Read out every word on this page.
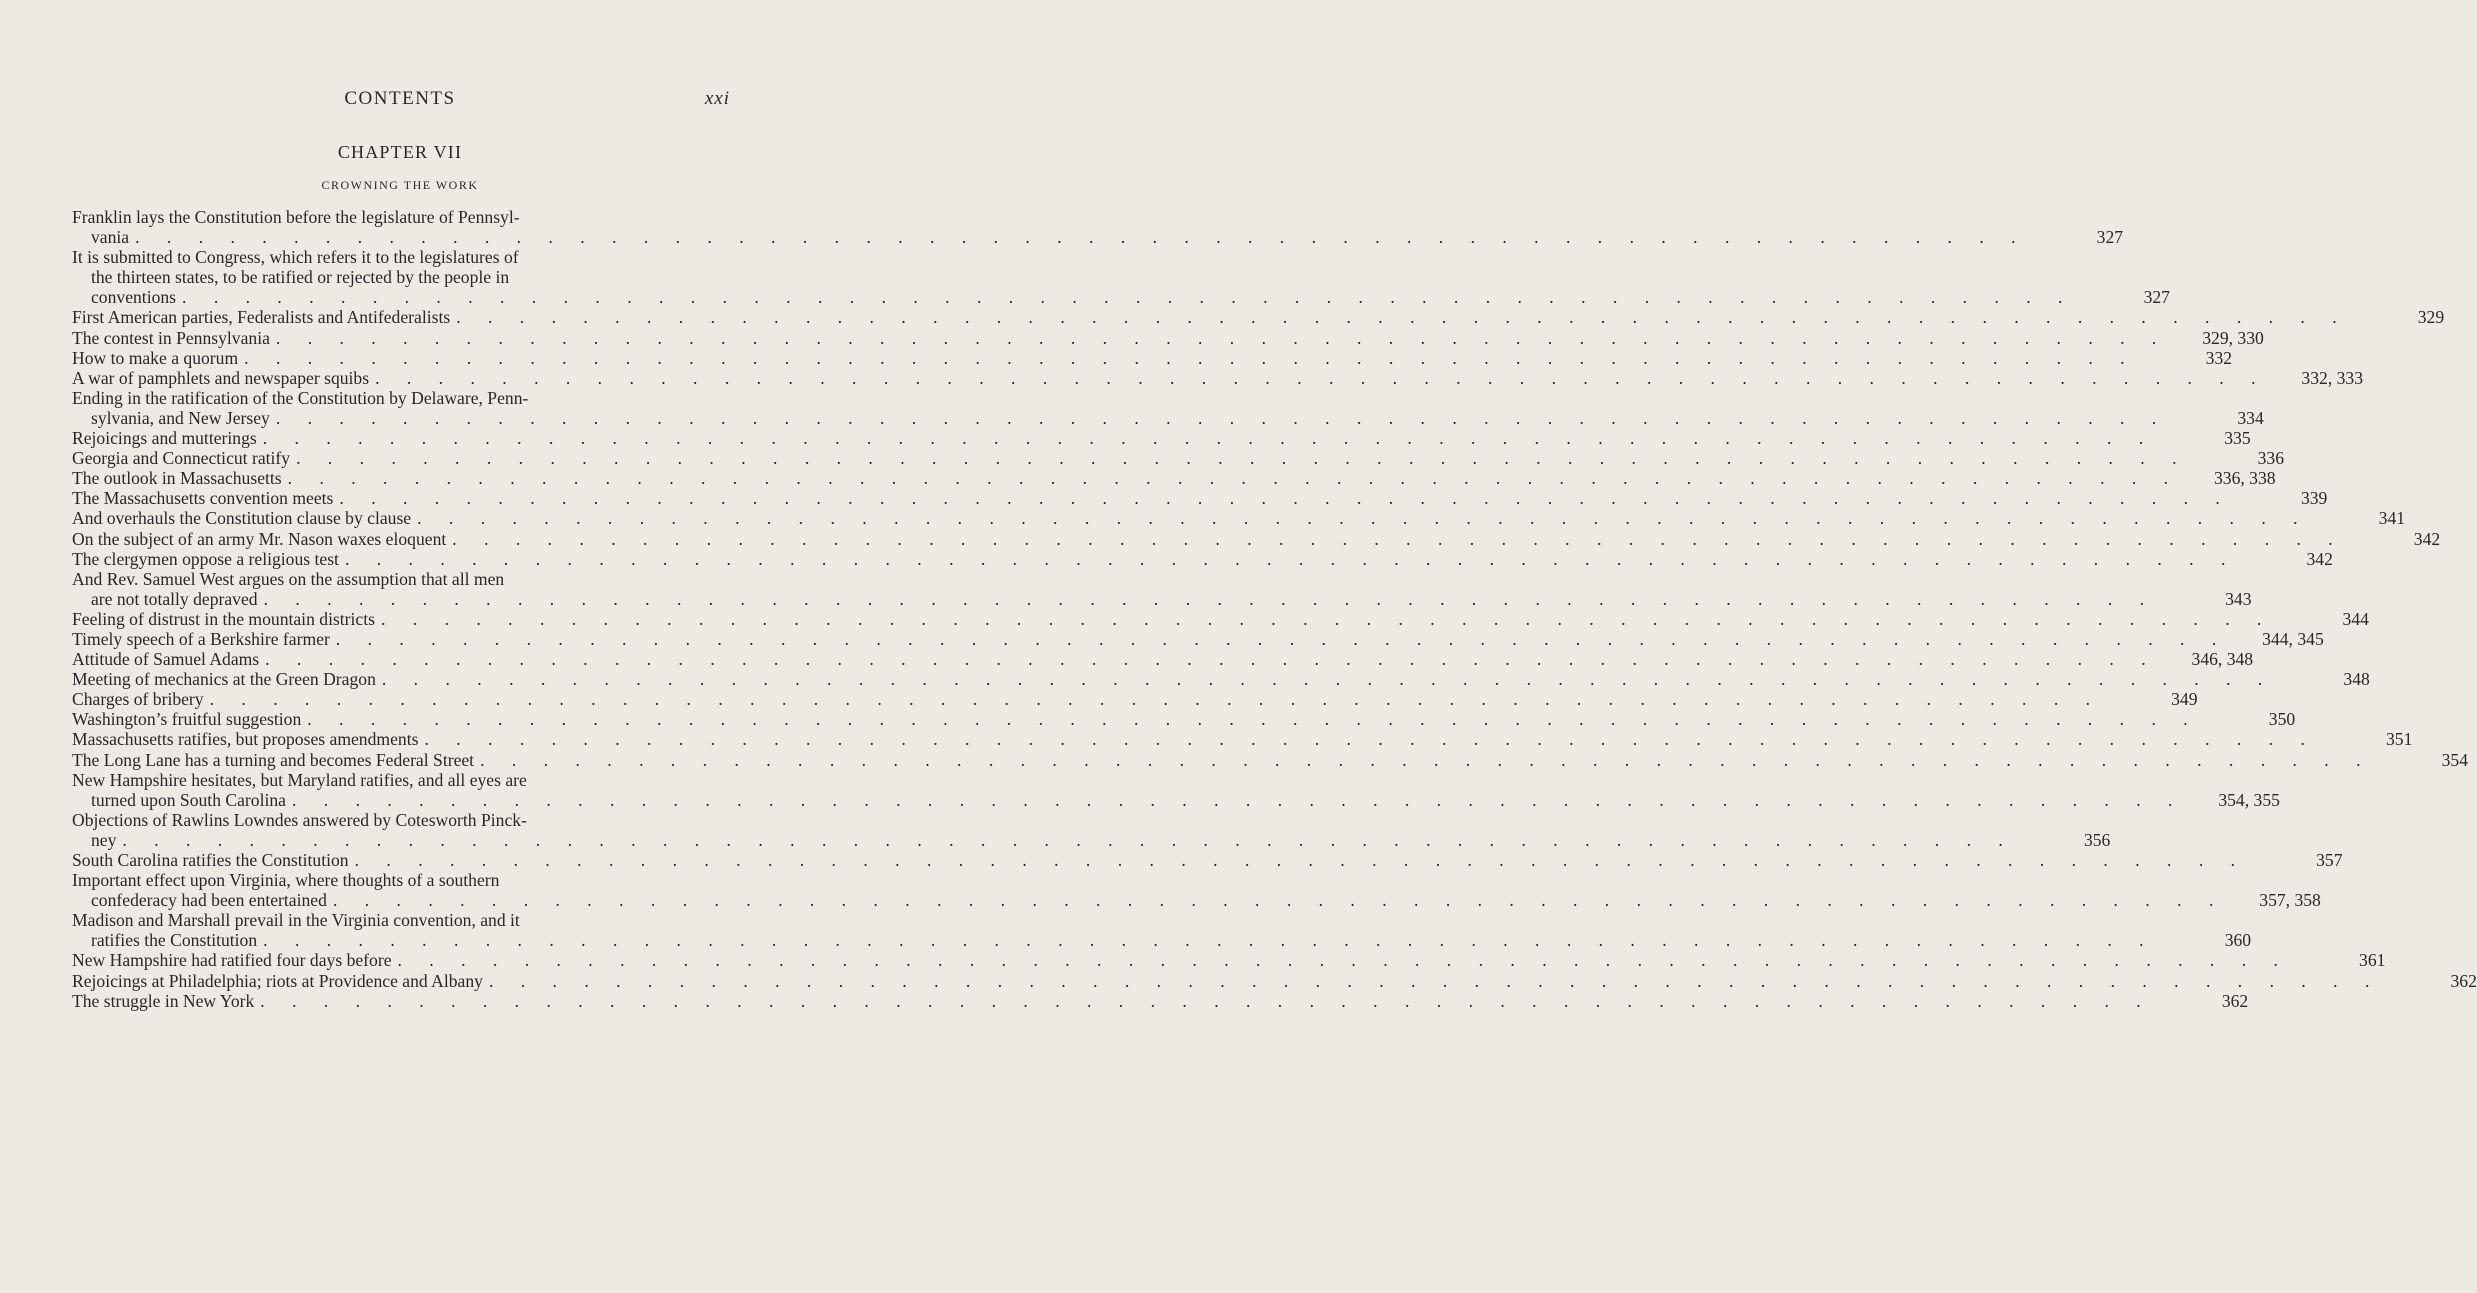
CONTENTS	xxi
CHAPTER VII
CROWNING THE WORK
Franklin lays the Constitution before the legislature of Pennsyl-
vania . . . . . . . . . . . . . . . . . . . . . . . . . . . . . . . . . . . . . . . . . . . . . . . . . . . . . . . . . . . .	327
It is submitted to Congress, which refers it to the legislatures of
the thirteen states, to be ratified or rejected by the people in
conventions . . . . . . . . . . . . . . . . . . . . . . . . . . . . . . . . . . . . . . . . . . . . . . . . . . . . . . . . . . . .	327
First American parties, Federalists and Antifederalists . . . . . . . . . . . . . . . . . . . . . . . . . . . . . . . . . . . . . . . . . . . . . . . . . . . . . . . . . . . .	329
The contest in Pennsylvania . . . . . . . . . . . . . . . . . . . . . . . . . . . . . . . . . . . . . . . . . . . . . . . . . . . . . . . . . . . .	329, 330
How to make a quorum . . . . . . . . . . . . . . . . . . . . . . . . . . . . . . . . . . . . . . . . . . . . . . . . . . . . . . . . . . . .	332
A war of pamphlets and newspaper squibs . . . . . . . . . . . . . . . . . . . . . . . . . . . . . . . . . . . . . . . . . . . . . . . . . . . . . . . . . . . .	332, 333
Ending in the ratification of the Constitution by Delaware, Penn-
sylvania, and New Jersey . . . . . . . . . . . . . . . . . . . . . . . . . . . . . . . . . . . . . . . . . . . . . . . . . . . . . . . . . . . .	334
Rejoicings and mutterings . . . . . . . . . . . . . . . . . . . . . . . . . . . . . . . . . . . . . . . . . . . . . . . . . . . . . . . . . . . .	335
Georgia and Connecticut ratify . . . . . . . . . . . . . . . . . . . . . . . . . . . . . . . . . . . . . . . . . . . . . . . . . . . . . . . . . . . .	336
The outlook in Massachusetts . . . . . . . . . . . . . . . . . . . . . . . . . . . . . . . . . . . . . . . . . . . . . . . . . . . . . . . . . . . .	336, 338
The Massachusetts convention meets . . . . . . . . . . . . . . . . . . . . . . . . . . . . . . . . . . . . . . . . . . . . . . . . . . . . . . . . . . . .	339
And overhauls the Constitution clause by clause . . . . . . . . . . . . . . . . . . . . . . . . . . . . . . . . . . . . . . . . . . . . . . . . . . . . . . . . . . . .	341
On the subject of an army Mr. Nason waxes eloquent . . . . . . . . . . . . . . . . . . . . . . . . . . . . . . . . . . . . . . . . . . . . . . . . . . . . . . . . . . . .	342
The clergymen oppose a religious test . . . . . . . . . . . . . . . . . . . . . . . . . . . . . . . . . . . . . . . . . . . . . . . . . . . . . . . . . . . .	342
And Rev. Samuel West argues on the assumption that all men
are not totally depraved . . . . . . . . . . . . . . . . . . . . . . . . . . . . . . . . . . . . . . . . . . . . . . . . . . . . . . . . . . . .	343
Feeling of distrust in the mountain districts . . . . . . . . . . . . . . . . . . . . . . . . . . . . . . . . . . . . . . . . . . . . . . . . . . . . . . . . . . . .	344
Timely speech of a Berkshire farmer . . . . . . . . . . . . . . . . . . . . . . . . . . . . . . . . . . . . . . . . . . . . . . . . . . . . . . . . . . . .	344, 345
Attitude of Samuel Adams . . . . . . . . . . . . . . . . . . . . . . . . . . . . . . . . . . . . . . . . . . . . . . . . . . . . . . . . . . . .	346, 348
Meeting of mechanics at the Green Dragon . . . . . . . . . . . . . . . . . . . . . . . . . . . . . . . . . . . . . . . . . . . . . . . . . . . . . . . . . . . .	348
Charges of bribery . . . . . . . . . . . . . . . . . . . . . . . . . . . . . . . . . . . . . . . . . . . . . . . . . . . . . . . . . . . .	349
Washington’s fruitful suggestion . . . . . . . . . . . . . . . . . . . . . . . . . . . . . . . . . . . . . . . . . . . . . . . . . . . . . . . . . . . .	350
Massachusetts ratifies, but proposes amendments . . . . . . . . . . . . . . . . . . . . . . . . . . . . . . . . . . . . . . . . . . . . . . . . . . . . . . . . . . . .	351
The Long Lane has a turning and becomes Federal Street . . . . . . . . . . . . . . . . . . . . . . . . . . . . . . . . . . . . . . . . . . . . . . . . . . . . . . . . . . . .	354
New Hampshire hesitates, but Maryland ratifies, and all eyes are
turned upon South Carolina . . . . . . . . . . . . . . . . . . . . . . . . . . . . . . . . . . . . . . . . . . . . . . . . . . . . . . . . . . . .	354, 355
Objections of Rawlins Lowndes answered by Cotesworth Pinck-
ney . . . . . . . . . . . . . . . . . . . . . . . . . . . . . . . . . . . . . . . . . . . . . . . . . . . . . . . . . . . .	356
South Carolina ratifies the Constitution . . . . . . . . . . . . . . . . . . . . . . . . . . . . . . . . . . . . . . . . . . . . . . . . . . . . . . . . . . . .	357
Important effect upon Virginia, where thoughts of a southern
confederacy had been entertained . . . . . . . . . . . . . . . . . . . . . . . . . . . . . . . . . . . . . . . . . . . . . . . . . . . . . . . . . . . .	357, 358
Madison and Marshall prevail in the Virginia convention, and it
ratifies the Constitution . . . . . . . . . . . . . . . . . . . . . . . . . . . . . . . . . . . . . . . . . . . . . . . . . . . . . . . . . . . .	360
New Hampshire had ratified four days before . . . . . . . . . . . . . . . . . . . . . . . . . . . . . . . . . . . . . . . . . . . . . . . . . . . . . . . . . . . .	361
Rejoicings at Philadelphia; riots at Providence and Albany . . . . . . . . . . . . . . . . . . . . . . . . . . . . . . . . . . . . . . . . . . . . . . . . . . . . . . . . . . . .	362
The struggle in New York . . . . . . . . . . . . . . . . . . . . . . . . . . . . . . . . . . . . . . . . . . . . . . . . . . . . . . . . . . . .	362
